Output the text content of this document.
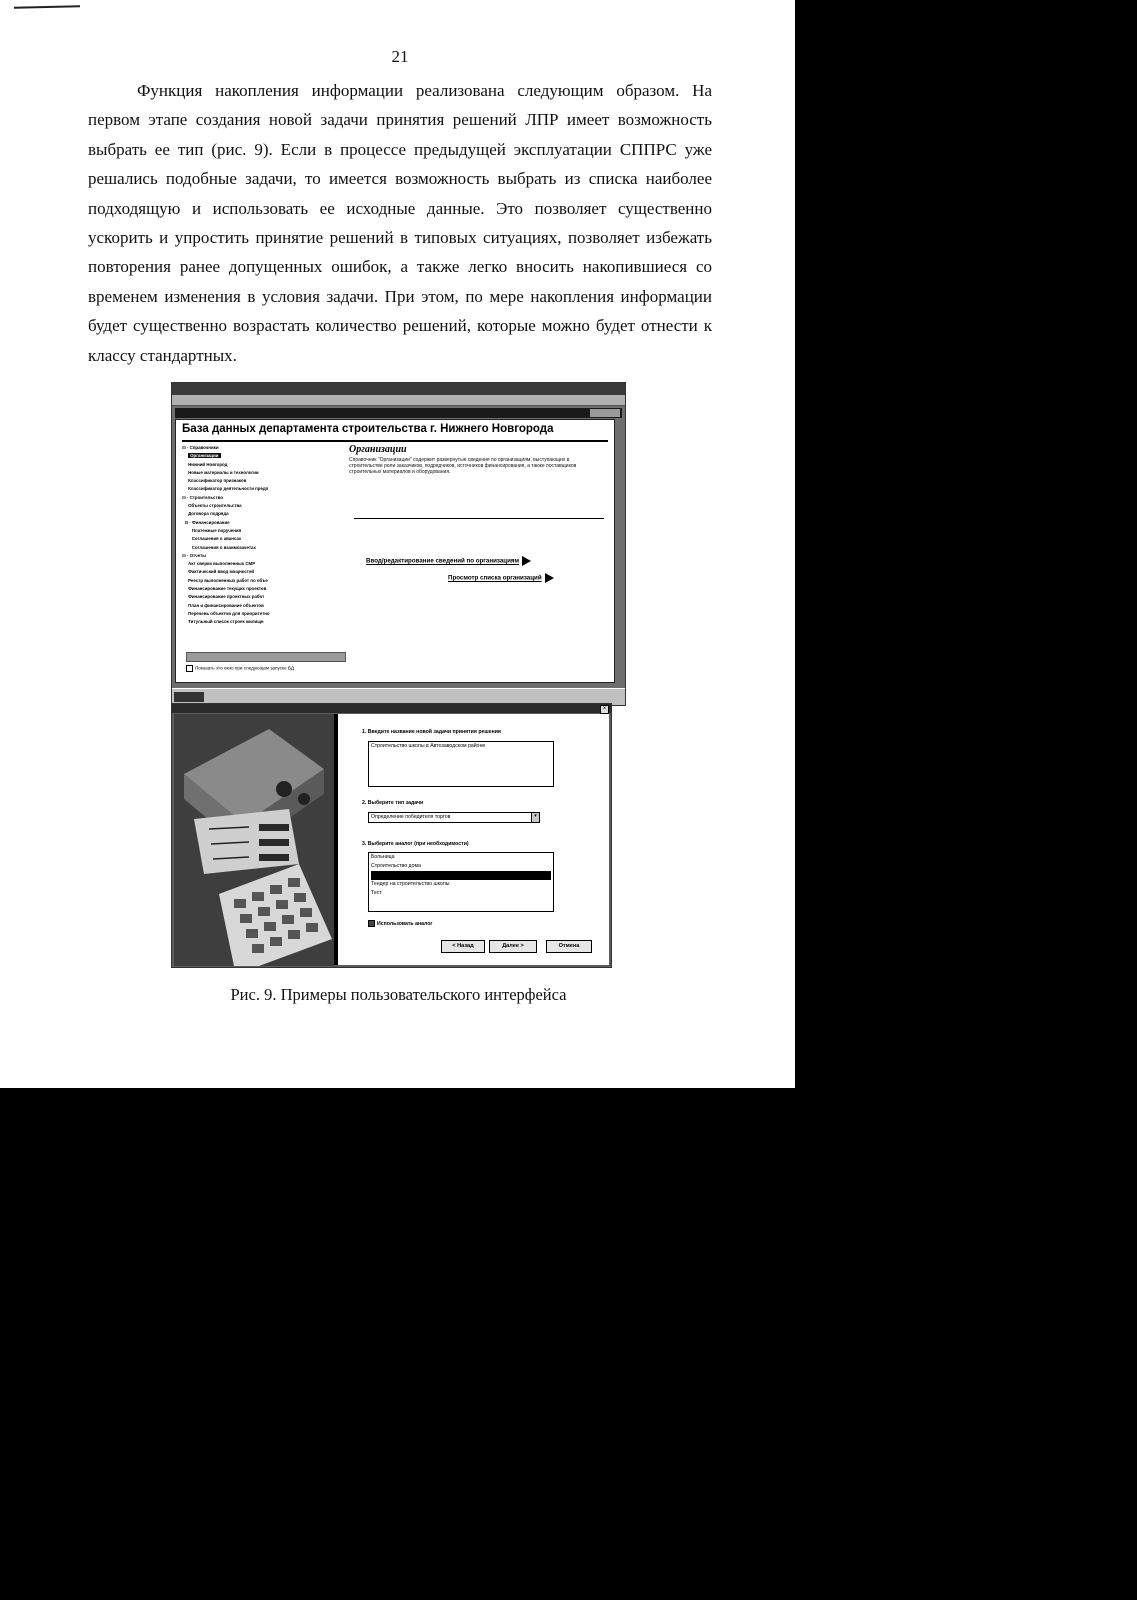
21

Функция накопления информации реализована следующим образом. На первом этапе создания новой задачи принятия решений ЛПР имеет возможность выбрать ее тип (рис. 9). Если в процессе предыдущей эксплуатации СППРС уже решались подобные задачи, то имеется возможность выбрать из списка наиболее подходящую и использовать ее исходные данные. Это позволяет существенно ускорить и упростить принятие решений в типовых ситуациях, позволяет избежать повторения ранее допущенных ошибок, а также легко вносить накопившиеся со временем изменения в условия задачи. При этом, по мере накопления информации будет существенно возрастать количество решений, которые можно будет отнести к классу стандартных.

База данных департамента строительства г. Нижнего Новгорода
⊟ · Справочники
Организации
Нижний Новгород
Новые материалы и технологии
Классификатор признаков
Классификатор деятельности предп
⊟ · Строительство
Объекты строительства
Договора подряда
⊟ · Финансирование
Платежные поручения
Соглашения о авансах
Соглашения о взаимозачетах
⊟ · Отчеты
Акт сверки выполненных СМР
Фактический ввод мощностей
Реестр выполненных работ по объе
Финансирование текущих проектов
Финансирование проектных работ
План и финансирование объектов
Перечень объектов для приоритетно
Титульный список строек жилищн
Организации
Справочник "Организации" содержит развернутые сведения по организациям, выступающих в строительстве роли заказчиков, подрядчиков, источников финансирования, а также поставщиков строительных материалов и оборудования.
Ввод/редактирование сведений по организациям
Просмотр списка организаций
Показать это окно при следующем запуске БД
×
1. Введите название новой задачи принятия решения
Строительство школы в Автозаводском районе
2. Выберите тип задачи
Определение победителя торгов	▾
3. Выберите аналог (при необходимости)
Больница
Строительство дома
Тендер на строительство школы
Тест
Использовать аналог
< Назад	Далее >	Отмена
Рис. 9. Примеры пользовательского интерфейса
